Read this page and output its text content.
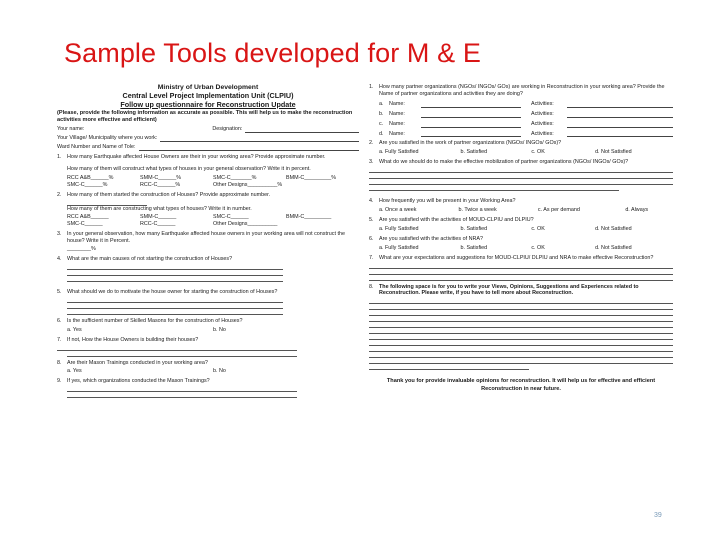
Sample Tools developed for M & E
Ministry of Urban Development
Central Level Project Implementation Unit (CLPIU)
Follow up questionnaire for Reconstruction Update
(Please, provide the following information as accurate as possible. This will help us to make the reconstruction activities more effective and efficient)
Your name:	Designation:
Your Village/ Municipality where you work:
Ward Number and Name of Tole:
1.	How many Earthquake affected House Owners are their in your working area? Provide approximate number.
How many of them will construct what types of houses in your general observation? Write it in percent.
RCC A&B______%	SMM-C______%	SMC-C_______%	BMM-C_________%
SMC-C______%	RCC-C______%	Other Designs__________%
2.	How many of them started the construction of Houses? Provide approximate number.
How many of them are constructing what types of houses? Write it in number.
RCC A&B______	SMM-C______	SMC-C______	BMM-C_________
SMC-C______	RCC-C______	Other Designs__________
3.	In your general observation, how many Earthquake affected house owners in your working area will not construct the house? Write it in Percent.
________%
4.	What are the main causes of not starting the construction of Houses?
5.	What should we do to motivate the house owner for starting the construction of Houses?
6.	Is the sufficient number of Skilled Masons for the construction of Houses?
a. Yes	b. No
7.	If not, How the House Owners is building their houses?
8.	Are their Mason Trainings conducted in your working area?
a. Yes	b. No
9.	If yes, which organizations conducted the Mason Trainings?
1.	How many partner organizations (NGOs/ INGOs/ GOs) are working in Reconstruction in your working area? Provide the Name of partner organizations and activities they are doing?
a.	Name:	Activities:
b.	Name:	Activities:
c.	Name:	Activities:
d.	Name:	Activities:
2.	Are you satisfied in the work of partner organizations (NGOs/ INGOs/ GOs)?
a. Fully Satisfied	b. Satisfied	c. OK	d. Not Satisfied
3.	What do we should do to make the effective mobilization of partner organizations (NGOs/ INGOs/ GOs)?
4.	How frequently you will be present in your Working Area?
a. Once a week	b. Twice a week	c. As per demand	d. Always
5.	Are you satisfied with the activities of MOUD-CLPIU and DLPIU?
a. Fully Satisfied	b. Satisfied	c. OK	d. Not Satisfied
6.	Are you satisfied with the activities of NRA?
a. Fully Satisfied	b. Satisfied	c. OK	d. Not Satisfied
7.	What are your expectations and suggestions for MOUD-CLPIU/ DLPIU and NRA to make effective Reconstruction?
8.	The following space is for you to write your Views, Opinions, Suggestions and Experiences related to Reconstruction. Please write, if you have to tell more about Reconstruction.
Thank you for provide invaluable opinions for reconstruction. It will help us for effective and efficient
Reconstruction in near future.
39
